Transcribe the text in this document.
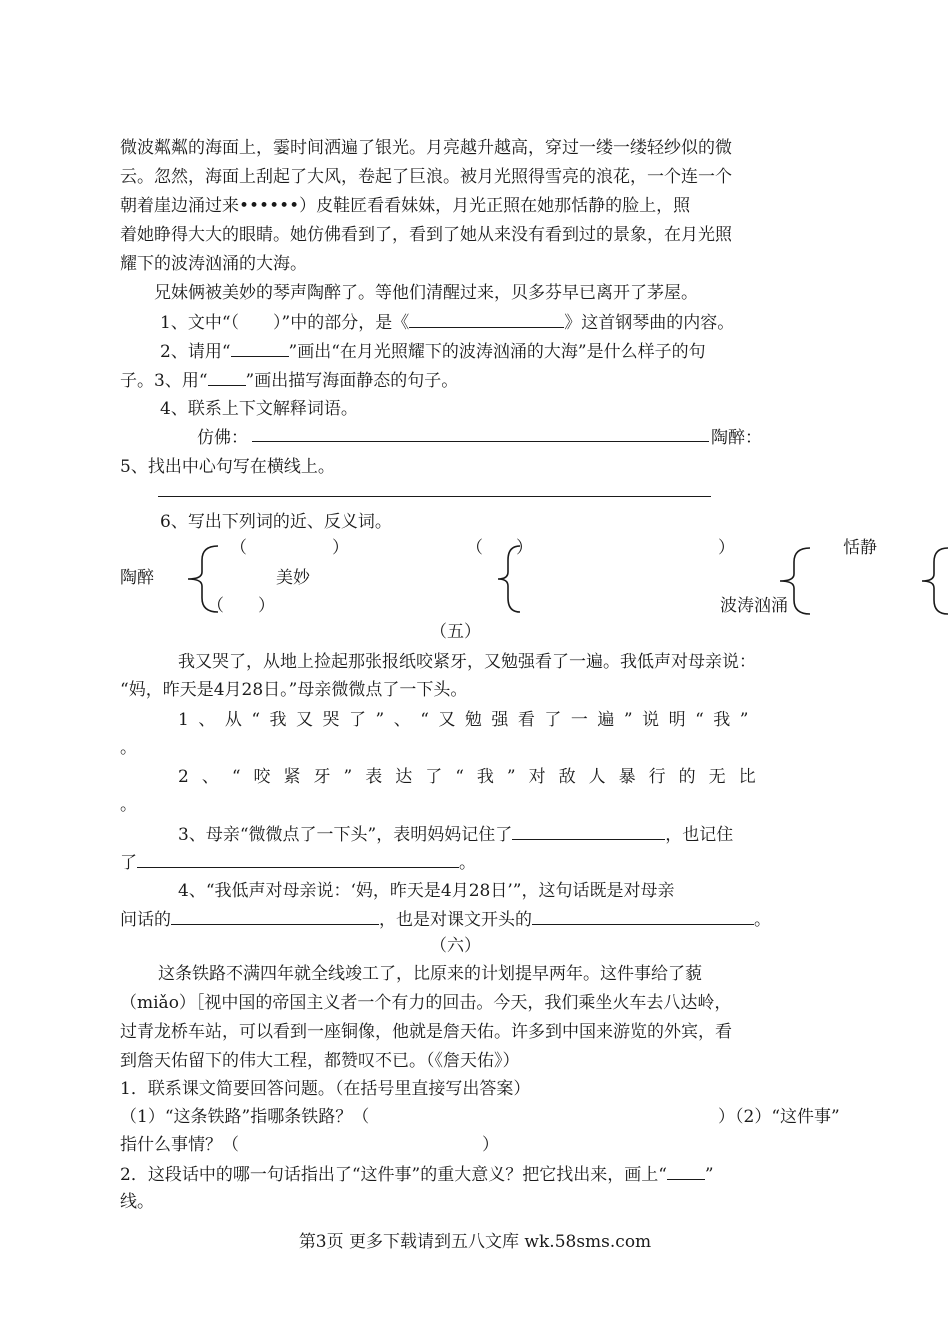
微波粼粼的海面上，霎时间洒遍了银光。月亮越升越高，穿过一缕一缕轻纱似的微
云。忽然，海面上刮起了大风，卷起了巨浪。被月光照得雪亮的浪花，一个连一个
朝着崖边涌过来••••••）皮鞋匠看看妹妹，月光正照在她那恬静的脸上，照
着她睁得大大的眼睛。她仿佛看到了，看到了她从来没有看到过的景象，在月光照
耀下的波涛汹涌的大海。
兄妹俩被美妙的琴声陶醉了。等他们清醒过来，贝多芬早已离开了茅屋。
1、文中“（　　）”中的部分，是《	》这首钢琴曲的内容。
2、请用“	”画出“在月光照耀下的波涛汹涌的大海”是什么样子的句
子。3、用“ ”画出描写海面静态的句子。
4、联系上下文解释词语。
仿佛：	陶醉：
5、找出中心句写在横线上。
6、写出下列词的近、反义词。
陶醉
（　　　　　）
美妙
（　　）
（ ）	）
波涛汹涌
恬静
（五）
我又哭了，从地上捡起那张报纸咬紧牙，又勉强看了一遍。我低声对母亲说：
“妈，昨天是4月28日。”母亲微微点了一下头。
1、从“我又哭了”、“又勉强看了一遍”说明“我”
。
2、“咬紧牙”表达了“我”对敌人暴行的无比
。
3、母亲“微微点了一下头”，表明妈妈记住了	，也记住
了	。
4、“我低声对母亲说：‘妈，昨天是4月28日’”，这句话既是对母亲
问话的	，也是对课文开头的	。
（六）
这条铁路不满四年就全线竣工了，比原来的计划提早两年。这件事给了藐
（miǎo）［视中国的帝国主义者一个有力的回击。今天，我们乘坐火车去八达岭，
过青龙桥车站，可以看到一座铜像，他就是詹天佑。许多到中国来游览的外宾，看
到詹天佑留下的伟大工程，都赞叹不已。（《詹天佑》）
1．联系课文简要回答问题。（在括号里直接写出答案）
（1）“这条铁路”指哪条铁路？（	）（2）“这件事”
指什么事情？（	）
2．这段话中的哪一句话指出了“这件事”的重大意义？把它找出来，画上“ ”
线。
第3页 更多下载请到五八文库 wk.58sms.com
